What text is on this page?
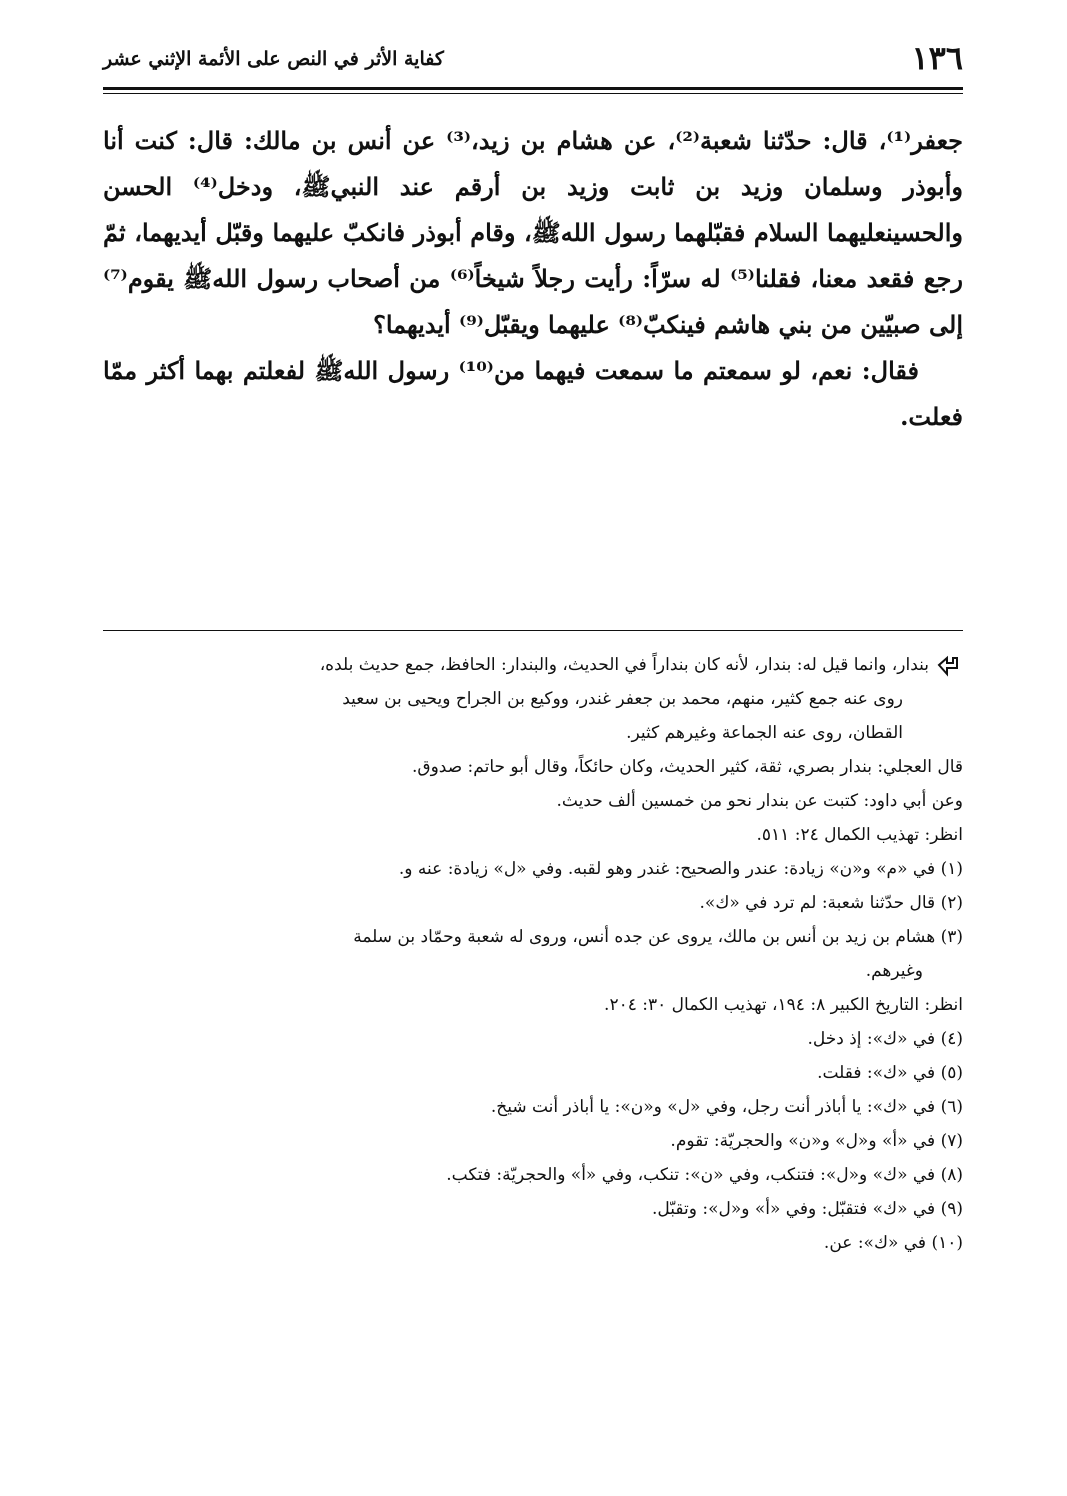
١٣٦
كفاية الأثر في النص على الأئمة الإثني عشر

جعفر⁽¹⁾، قال: حدّثنا شعبة⁽²⁾، عن هشام بن زيد،⁽³⁾ عن أنس بن مالك: قال: كنت أنا وأبوذر وسلمان وزيد بن ثابت وزيد بن أرقم عند النبيﷺ، ودخل⁽⁴⁾ الحسن والحسينعليهما السلام فقبّلهما رسول اللهﷺ، وقام أبوذر فانكبّ عليهما وقبّل أيديهما، ثمّ رجع فقعد معنا، فقلنا⁽⁵⁾ له سرّاً: رأيت رجلاً شيخاً⁽⁶⁾ من أصحاب رسول اللهﷺ يقوم⁽⁷⁾ إلى صبيّين من بني هاشم فينكبّ⁽⁸⁾ عليهما ويقبّل⁽⁹⁾ أيديهما؟

فقال: نعم، لو سمعتم ما سمعت فيهما من⁽¹⁰⁾ رسول اللهﷺ لفعلتم بهما أكثر ممّا فعلت.

بندار، وانما قيل له: بندار، لأنه كان بنداراً في الحديث، والبندار: الحافظ، جمع حديث بلده،

روى عنه جمع كثير، منهم، محمد بن جعفر غندر، ووكيع بن الجراح ويحيى بن سعيد

القطان، روى عنه الجماعة وغيرهم كثير.

قال العجلي: بندار بصري، ثقة، كثير الحديث، وكان حائكاً، وقال أبو حاتم: صدوق.

وعن أبي داود: كتبت عن بندار نحو من خمسين ألف حديث.

انظر: تهذيب الكمال ٢٤: ٥١١.

(١) في «م» و«ن» زيادة: عندر والصحيح: غندر وهو لقبه. وفي «ل» زيادة: عنه و.

(٢) قال حدّثنا شعبة: لم ترد في «ك».

(٣) هشام بن زيد بن أنس بن مالك، يروى عن جده أنس، وروى له شعبة وحمّاد بن سلمة

وغيرهم.

انظر: التاريخ الكبير ٨: ١٩٤، تهذيب الكمال ٣٠: ٢٠٤.

(٤) في «ك»: إذ دخل.

(٥) في «ك»: فقلت.

(٦) في «ك»: يا أباذر أنت رجل، وفي «ل» و«ن»: يا أباذر أنت شيخ.

(٧) في «أ» و«ل» و«ن» والحجريّة: تقوم.

(٨) في «ك» و«ل»: فتنكب، وفي «ن»: تنكب، وفي «أ» والحجريّة: فتكب.

(٩) في «ك» فتقبّل: وفي «أ» و«ل»: وتقبّل.

(١٠) في «ك»: عن.
